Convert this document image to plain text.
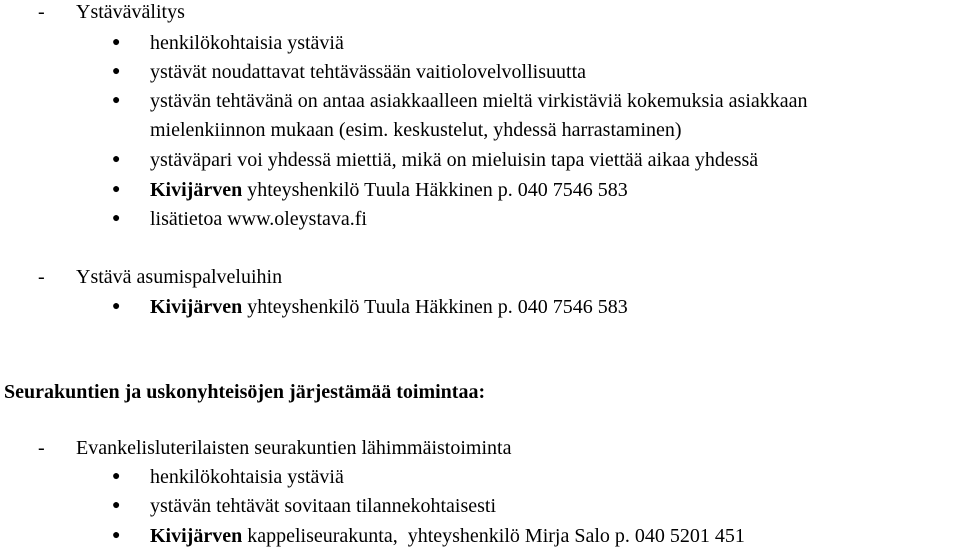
- Ystävävälitys
● henkilökohtaisia ystäviä
● ystävät noudattavat tehtävässään vaitiolovelvollisuutta
● ystävän tehtävänä on antaa asiakkaalleen mieltä virkistäviä kokemuksia asiakkaan
mielenkiinnon mukaan (esim. keskustelut, yhdessä harrastaminen)
● ystäväpari voi yhdessä miettiä, mikä on mieluisin tapa viettää aikaa yhdessä
● Kivijärven yhteyshenkilö Tuula Häkkinen p. 040 7546 583
● lisätietoa www.oleystava.fi
- Ystävä asumispalveluihin
● Kivijärven yhteyshenkilö Tuula Häkkinen p. 040 7546 583
Seurakuntien ja uskonyhteisöjen järjestämää toimintaa:
- Evankelisluterilaisten seurakuntien lähimmäistoiminta
● henkilökohtaisia ystäviä
● ystävän tehtävät sovitaan tilannekohtaisesti
● Kivijärven kappeliseurakunta,  yhteyshenkilö Mirja Salo p. 040 5201 451
